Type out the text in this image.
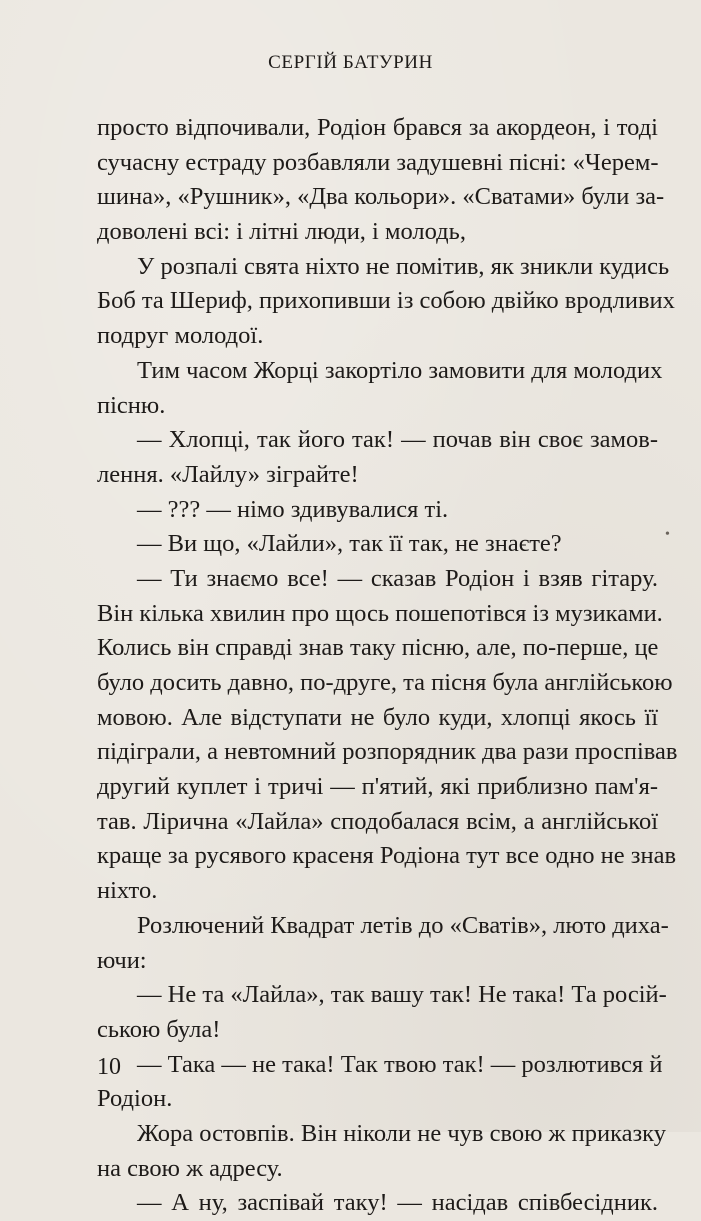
СЕРГІЙ БАТУРИН
просто відпочивали, Родіон брався за акордеон, і тоді
сучасну естраду розбавляли задушевні пісні: «Черем-
шина», «Рушник», «Два кольори». «Сватами» були за-
доволені всі: і літні люди, і молодь,
У розпалі свята ніхто не помітив, як зникли кудись
Боб та Шериф, прихопивши із собою двійко вродливих
подруг молодої.
Тим часом Жорці закортіло замовити для молодих
пісню.
— Хлопці, так його так! — почав він своє замов-
лення. «Лайлу» зіграйте!
— ??? — німо здивувалися ті.
— Ви що, «Лайли», так її так, не знаєте?
— Ти знаємо все! — сказав Родіон і взяв гітару.
Він кілька хвилин про щось пошепотівся із музиками.
Колись він справді знав таку пісню, але, по-перше, це
було досить давно, по-друге, та пісня була англійською
мовою. Але відступати не було куди, хлопці якось її
підіграли, а невтомний розпорядник два рази проспівав
другий куплет і тричі — п'ятий, які приблизно пам'я-
тав. Лірична «Лайла» сподобалася всім, а англійської
краще за русявого красеня Родіона тут все одно не знав
ніхто.
Розлючений Квадрат летів до «Сватів», люто диха-
ючи:
— Не та «Лайла», так вашу так! Не така! Та росій-
ською була!
— Така — не така! Так твою так! — розлютився й
Родіон.
Жора остовпів. Він ніколи не чув свою ж приказку
на свою ж адресу.
— А ну, заспівай таку! — насідав співбесідник.
•
10
